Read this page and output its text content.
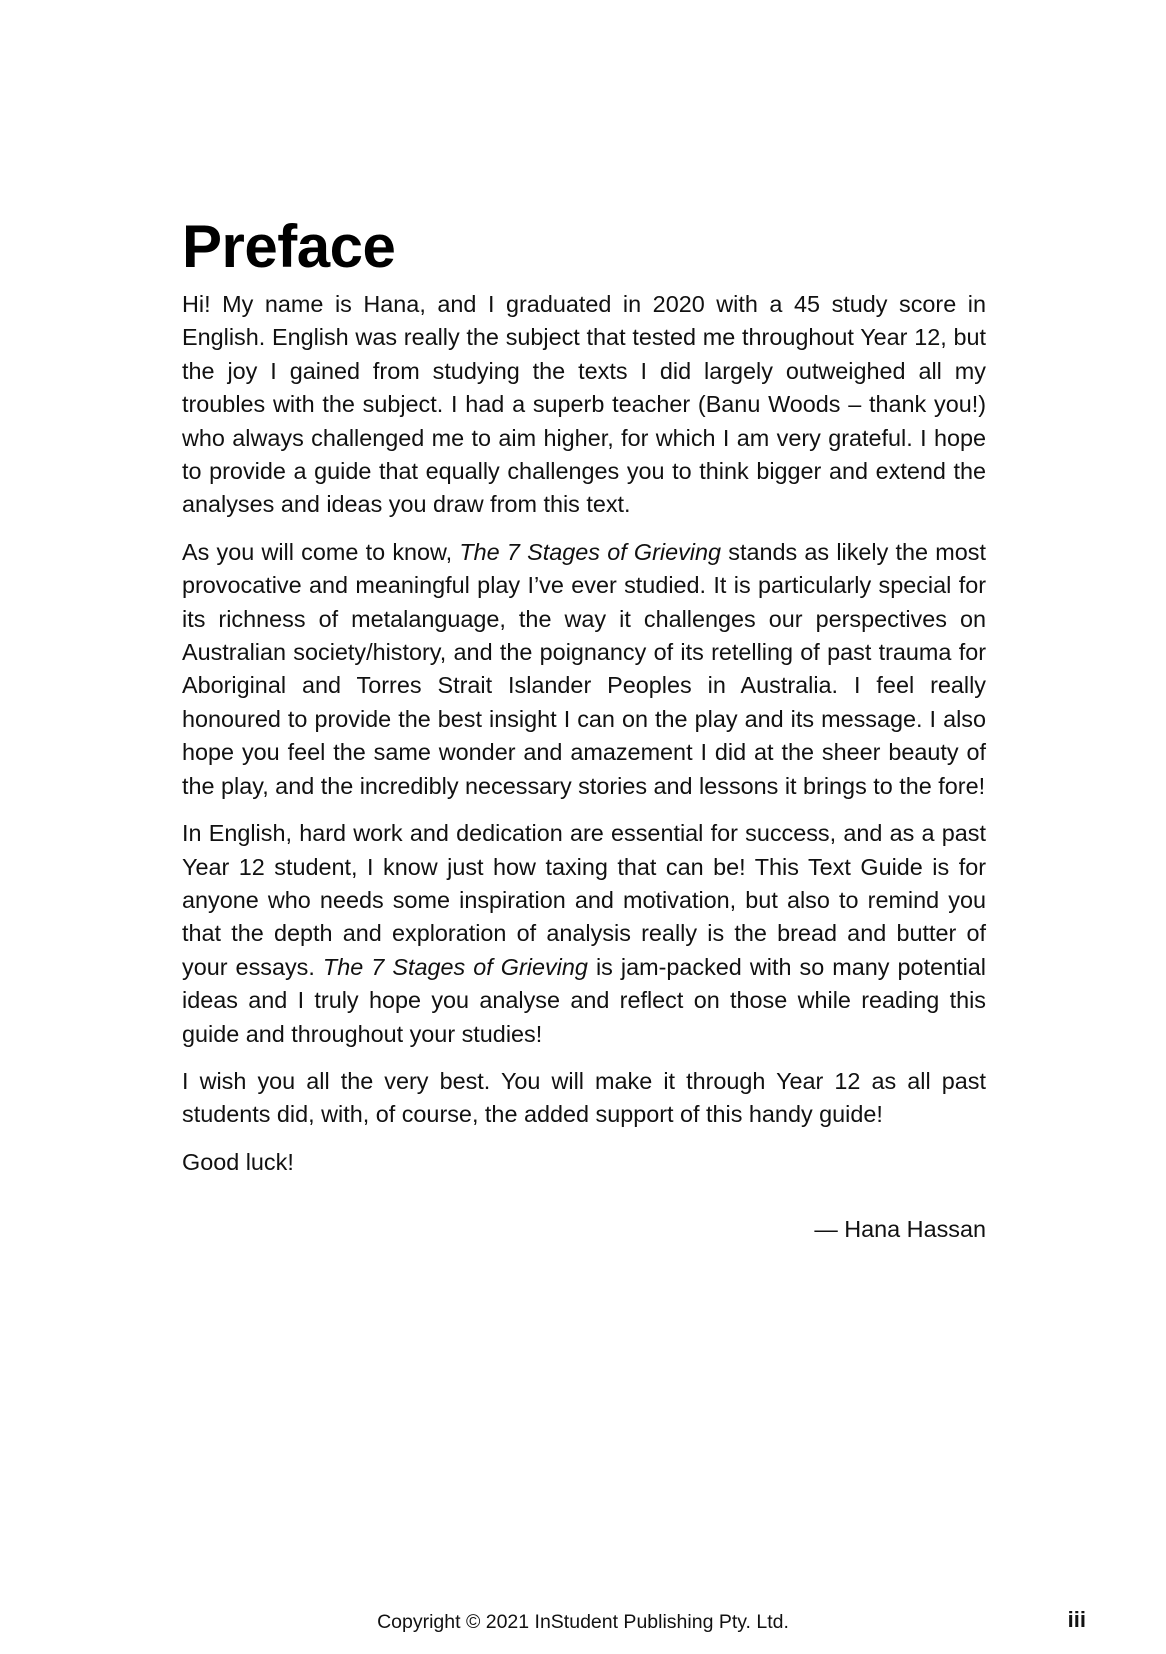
Preface

Hi! My name is Hana, and I graduated in 2020 with a 45 study score in English. English was really the subject that tested me throughout Year 12, but the joy I gained from studying the texts I did largely outweighed all my troubles with the subject. I had a superb teacher (Banu Woods – thank you!) who always challenged me to aim higher, for which I am very grateful. I hope to provide a guide that equally challenges you to think bigger and extend the analyses and ideas you draw from this text.

As you will come to know, The 7 Stages of Grieving stands as likely the most provocative and meaningful play I’ve ever studied. It is particularly special for its richness of metalanguage, the way it challenges our perspectives on Australian society/history, and the poignancy of its retelling of past trauma for Aboriginal and Torres Strait Islander Peoples in Australia. I feel really honoured to provide the best insight I can on the play and its message. I also hope you feel the same wonder and amazement I did at the sheer beauty of the play, and the incredibly necessary stories and lessons it brings to the fore!

In English, hard work and dedication are essential for success, and as a past Year 12 student, I know just how taxing that can be! This Text Guide is for anyone who needs some inspiration and motivation, but also to remind you that the depth and exploration of analysis really is the bread and butter of your essays. The 7 Stages of Grieving is jam-packed with so many potential ideas and I truly hope you analyse and reflect on those while reading this guide and throughout your studies!

I wish you all the very best. You will make it through Year 12 as all past students did, with, of course, the added support of this handy guide!

Good luck!

— Hana Hassan
Copyright © 2021 InStudent Publishing Pty. Ltd.	iii
